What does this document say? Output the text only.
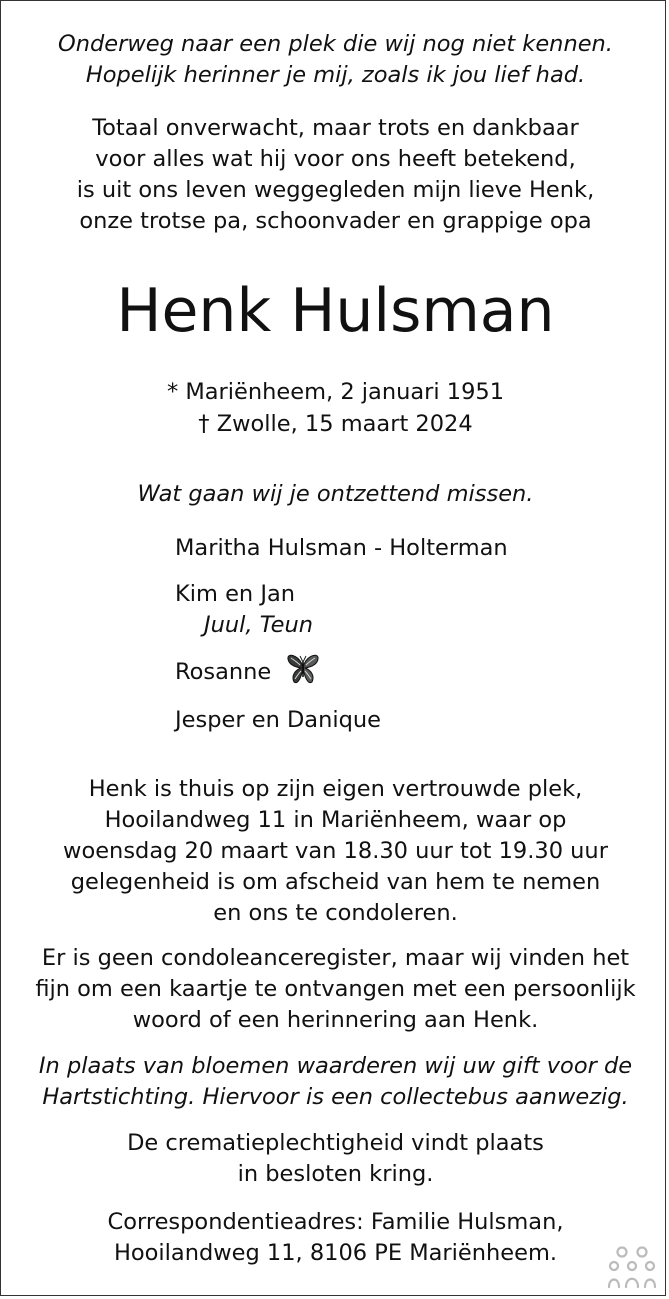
Onderweg naar een plek die wij nog niet kennen.
Hopelijk herinner je mij, zoals ik jou lief had.
Totaal onverwacht, maar trots en dankbaar
voor alles wat hij voor ons heeft betekend,
is uit ons leven weggegleden mijn lieve Henk,
onze trotse pa, schoonvader en grappige opa
Henk Hulsman
* Mariënheem, 2 januari 1951
† Zwolle, 15 maart 2024
Wat gaan wij je ontzettend missen.
Maritha Hulsman - Holterman
Kim en Jan
Juul, Teun
Rosanne
Jesper en Danique
Henk is thuis op zijn eigen vertrouwde plek,
Hooilandweg 11 in Mariënheem, waar op
woensdag 20 maart van 18.30 uur tot 19.30 uur
gelegenheid is om afscheid van hem te nemen
en ons te condoleren.
Er is geen condoleanceregister, maar wij vinden het
fijn om een kaartje te ontvangen met een persoonlijk
woord of een herinnering aan Henk.
In plaats van bloemen waarderen wij uw gift voor de
Hartstichting. Hiervoor is een collectebus aanwezig.
De crematieplechtigheid vindt plaats
in besloten kring.
Correspondentieadres: Familie Hulsman,
Hooilandweg 11, 8106 PE Mariënheem.
